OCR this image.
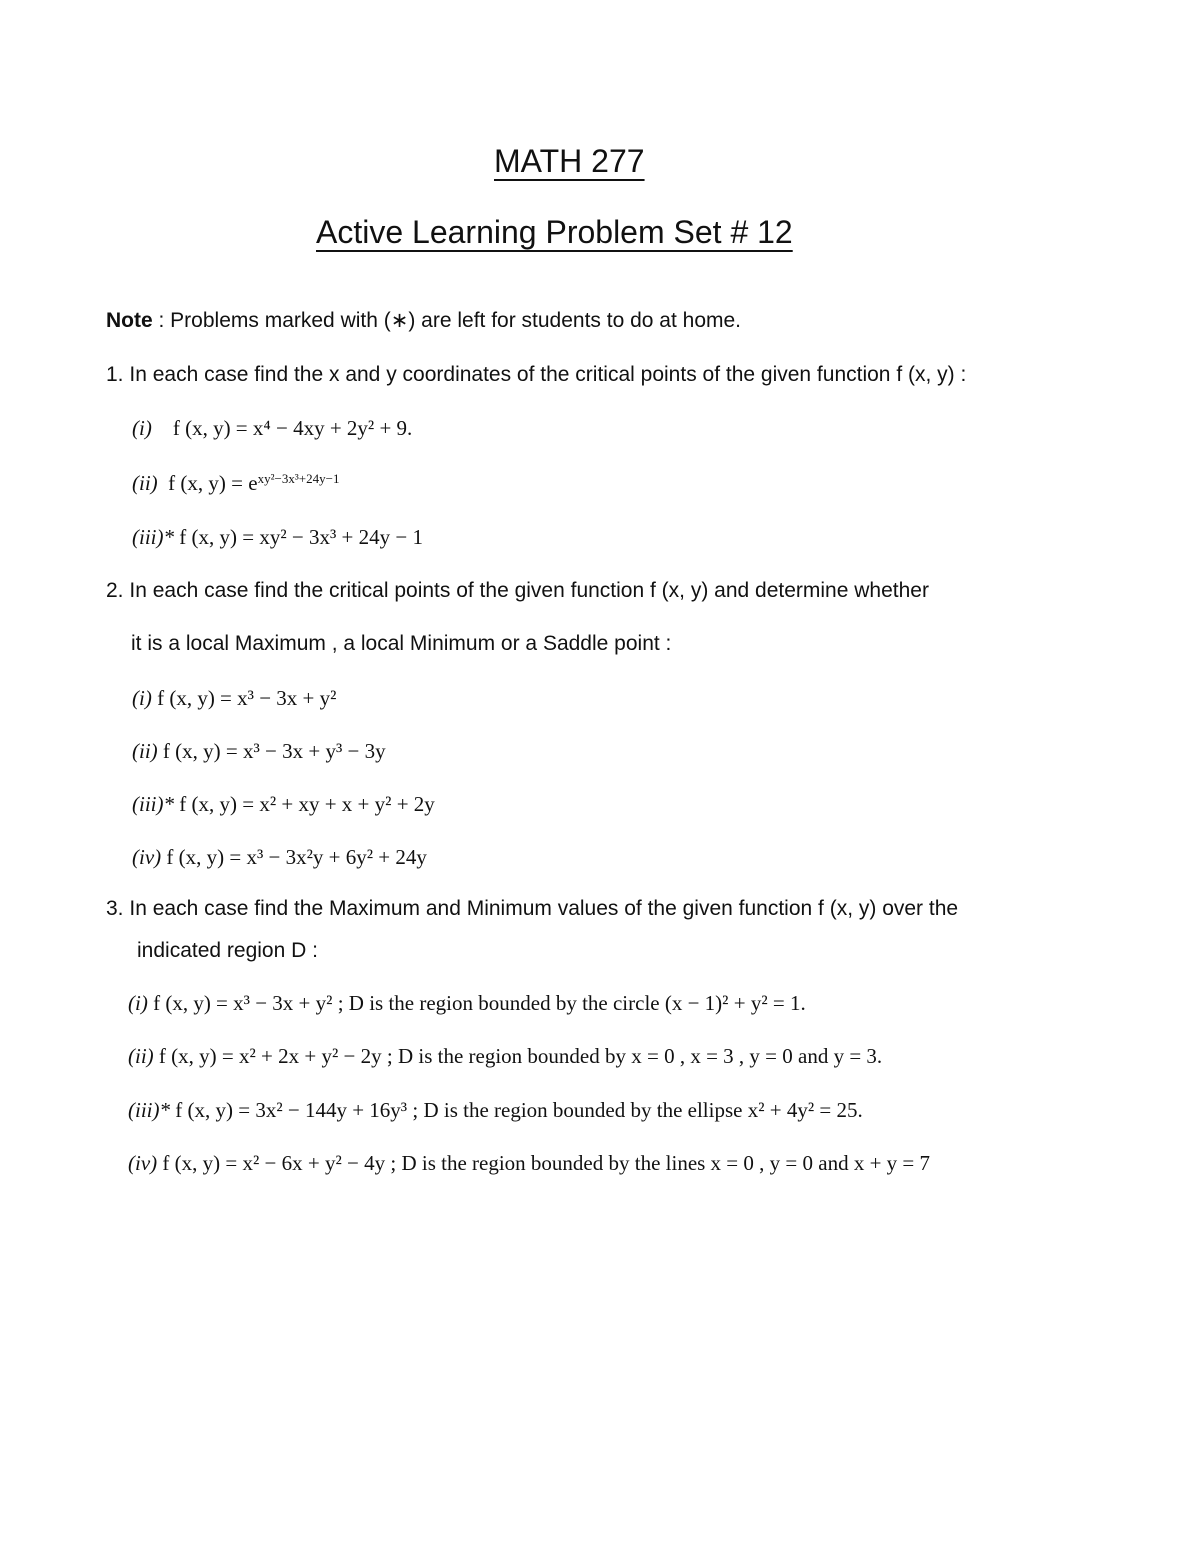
MATH 277
Active Learning Problem Set # 12
Note : Problems marked with (∗) are left for students to do at home.
1. In each case find the x and y coordinates of the critical points of the given function f (x, y) :
(i) f (x, y) = x⁴ − 4xy + 2y² + 9.
(ii) f (x, $y) = e^{xy^2-3x^3+24y-1}$
(iii)* f (x, y) = xy² − 3x³ + 24y − 1
2. In each case find the critical points of the given function f (x, y) and determine whether
it is a local Maximum , a local Minimum or a Saddle point :
(i) f (x, y) = x³ − 3x + y²
(ii) f (x, y) = x³ − 3x + y³ − 3y
(iii)* f (x, y) = x² + xy + x + y² + 2y
(iv) f (x, y) = x³ − 3x²y + 6y² + 24y
3. In each case find the Maximum and Minimum values of the given function f (x, y) over the
indicated region D :
(i) f (x, y) = x³ − 3x + y² ; D is the region bounded by the circle (x − 1)² + y² = 1.
(ii) f (x, y) = x² + 2x + y² − 2y ; D is the region bounded by x = 0 , x = 3 , y = 0 and y = 3.
(iii)* f (x, y) = 3x² − 144y + 16y³ ; D is the region bounded by the ellipse x² + 4y² = 25.
(iv) f (x, y) = x² − 6x + y² − 4y ; D is the region bounded by the lines x = 0 , y = 0 and x + y = 7
